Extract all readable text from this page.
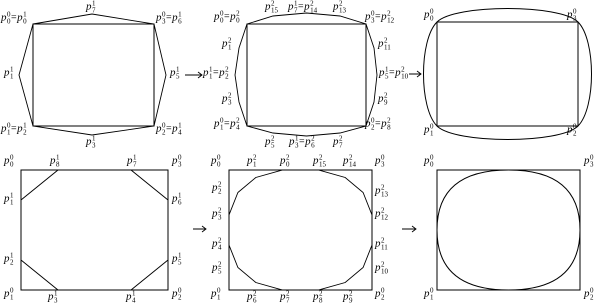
p 0
0 = p 1
0
p 1
7
p 0
3 = p 1
6
p 1
1	p 1
5
p 0
1 = p 1
2	p 0
2 = p 1
4
p 1
3
p 0
0 = p 2
0
p 2
15 p 1
7 = p 2
14 p 2
13
p 0
3 = p 2
12
p 2
1	p 2
11
p 1
1 = p 2
2	p 1
5 = p 2
10
p 2
3	p 2
9
p 0
1 = p 2
4	p 0
2 = p 2
8
p 2
5 p 1
3 = p 2
6 p 2
7
p 0
0	p 0
3
p 0
1	p 0
2
p 0
0	p 1
8	p 1
7	p 0
3
p 1
1	p 1
6
p 1
2	p 1
5
p 0
1	p 1
3	p 1
4
p 0
2
p 0
0 p 2
1 p 2
0 p 2
15 p 2
14 p 0
3
p 2
2	p 2
13
p 2
3	p 2
12
p 2
4	p 2
11
p 2
5	p 2
10
p 0
1 p 2
6 p 2
7 p 2
8 p 2
9
p 0
2
p 0
0	p 0
3
p 0
1	p 0
2
